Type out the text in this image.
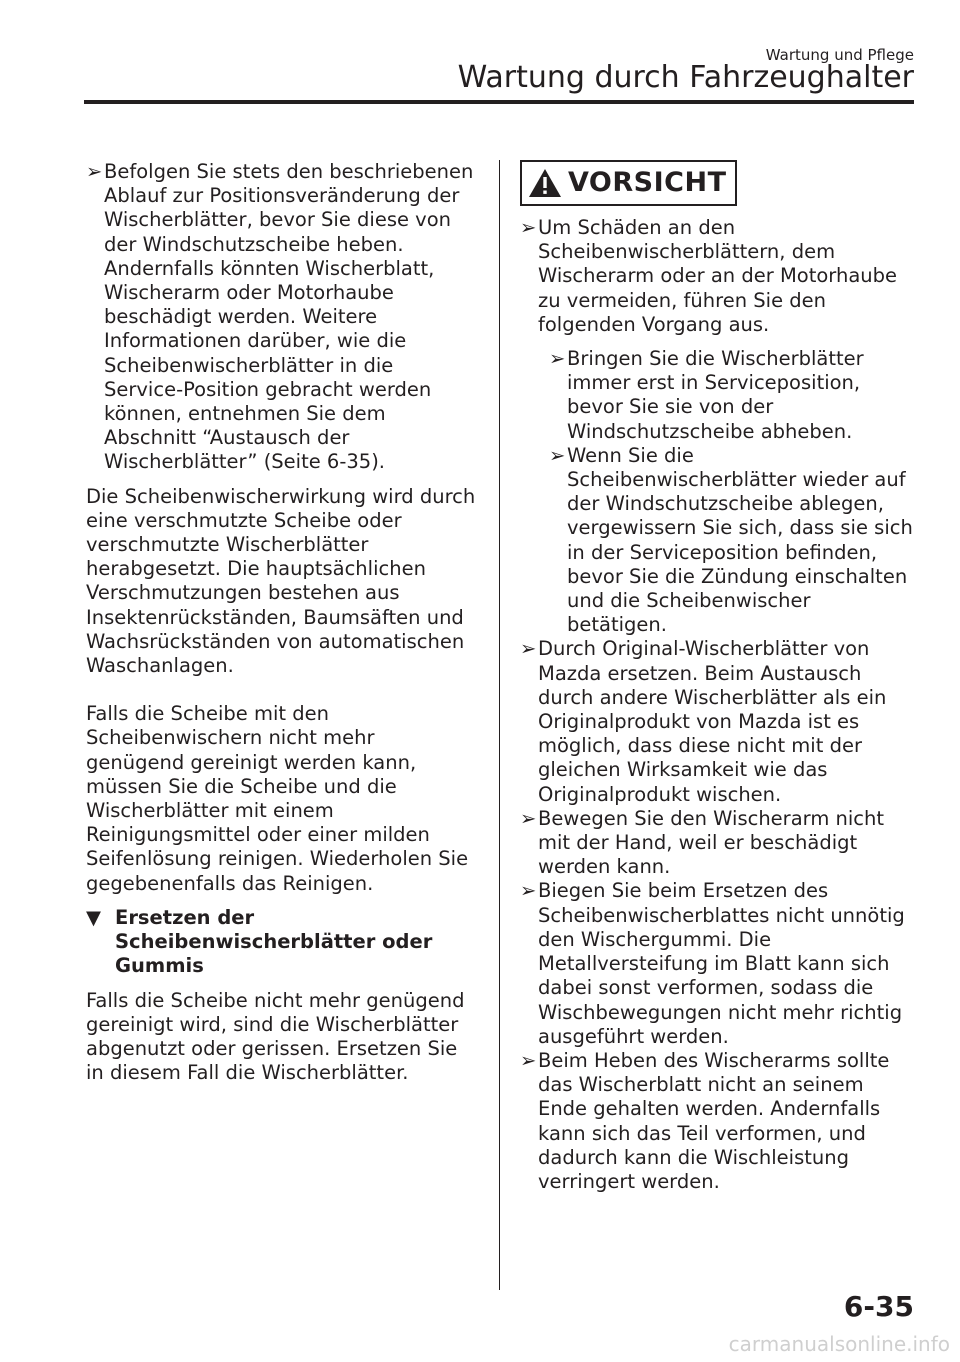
Wartung und Pflege
Wartung durch Fahrzeughalter
➢ Befolgen Sie stets den beschriebenen Ablauf zur Positionsveränderung der Wischerblätter, bevor Sie diese von der Windschutzscheibe heben. Andernfalls könnten Wischerblatt, Wischerarm oder Motorhaube beschädigt werden. Weitere Informationen darüber, wie die Scheibenwischerblätter in die Service-Position gebracht werden können, entnehmen Sie dem Abschnitt “Austausch der Wischerblätter” (Seite 6-35).

Die Scheibenwischerwirkung wird durch eine verschmutzte Scheibe oder verschmutzte Wischerblätter herabgesetzt. Die hauptsächlichen Verschmutzungen bestehen aus Insektenrückständen, Baumsäften und Wachsrückständen von automatischen Waschanlagen.

Falls die Scheibe mit den Scheibenwischern nicht mehr genügend gereinigt werden kann, müssen Sie die Scheibe und die Wischerblätter mit einem Reinigungsmittel oder einer milden Seifenlösung reinigen. Wiederholen Sie gegebenenfalls das Reinigen.

▼ Ersetzen der Scheibenwischerblätter oder Gummis

Falls die Scheibe nicht mehr genügend gereinigt wird, sind die Wischerblätter abgenutzt oder gerissen. Ersetzen Sie in diesem Fall die Wischerblätter.

VORSICHT
➢ Um Schäden an den Scheibenwischerblättern, dem Wischerarm oder an der Motorhaube zu vermeiden, führen Sie den folgenden Vorgang aus.

➢ Bringen Sie die Wischerblätter immer erst in Serviceposition, bevor Sie sie von der Windschutzscheibe abheben.

➢ Wenn Sie die Scheibenwischerblätter wieder auf der Windschutzscheibe ablegen, vergewissern Sie sich, dass sie sich in der Serviceposition befinden, bevor Sie die Zündung einschalten und die Scheibenwischer betätigen.

➢ Durch Original-Wischerblätter von Mazda ersetzen. Beim Austausch durch andere Wischerblätter als ein Originalprodukt von Mazda ist es möglich, dass diese nicht mit der gleichen Wirksamkeit wie das Originalprodukt wischen.

➢ Bewegen Sie den Wischerarm nicht mit der Hand, weil er beschädigt werden kann.

➢ Biegen Sie beim Ersetzen des Scheibenwischerblattes nicht unnötig den Wischergummi. Die Metallversteifung im Blatt kann sich dabei sonst verformen, sodass die Wischbewegungen nicht mehr richtig ausgeführt werden.

➢ Beim Heben des Wischerarms sollte das Wischerblatt nicht an seinem Ende gehalten werden. Andernfalls kann sich das Teil verformen, und dadurch kann die Wischleistung verringert werden.

6-35
carmanualsonline.info
